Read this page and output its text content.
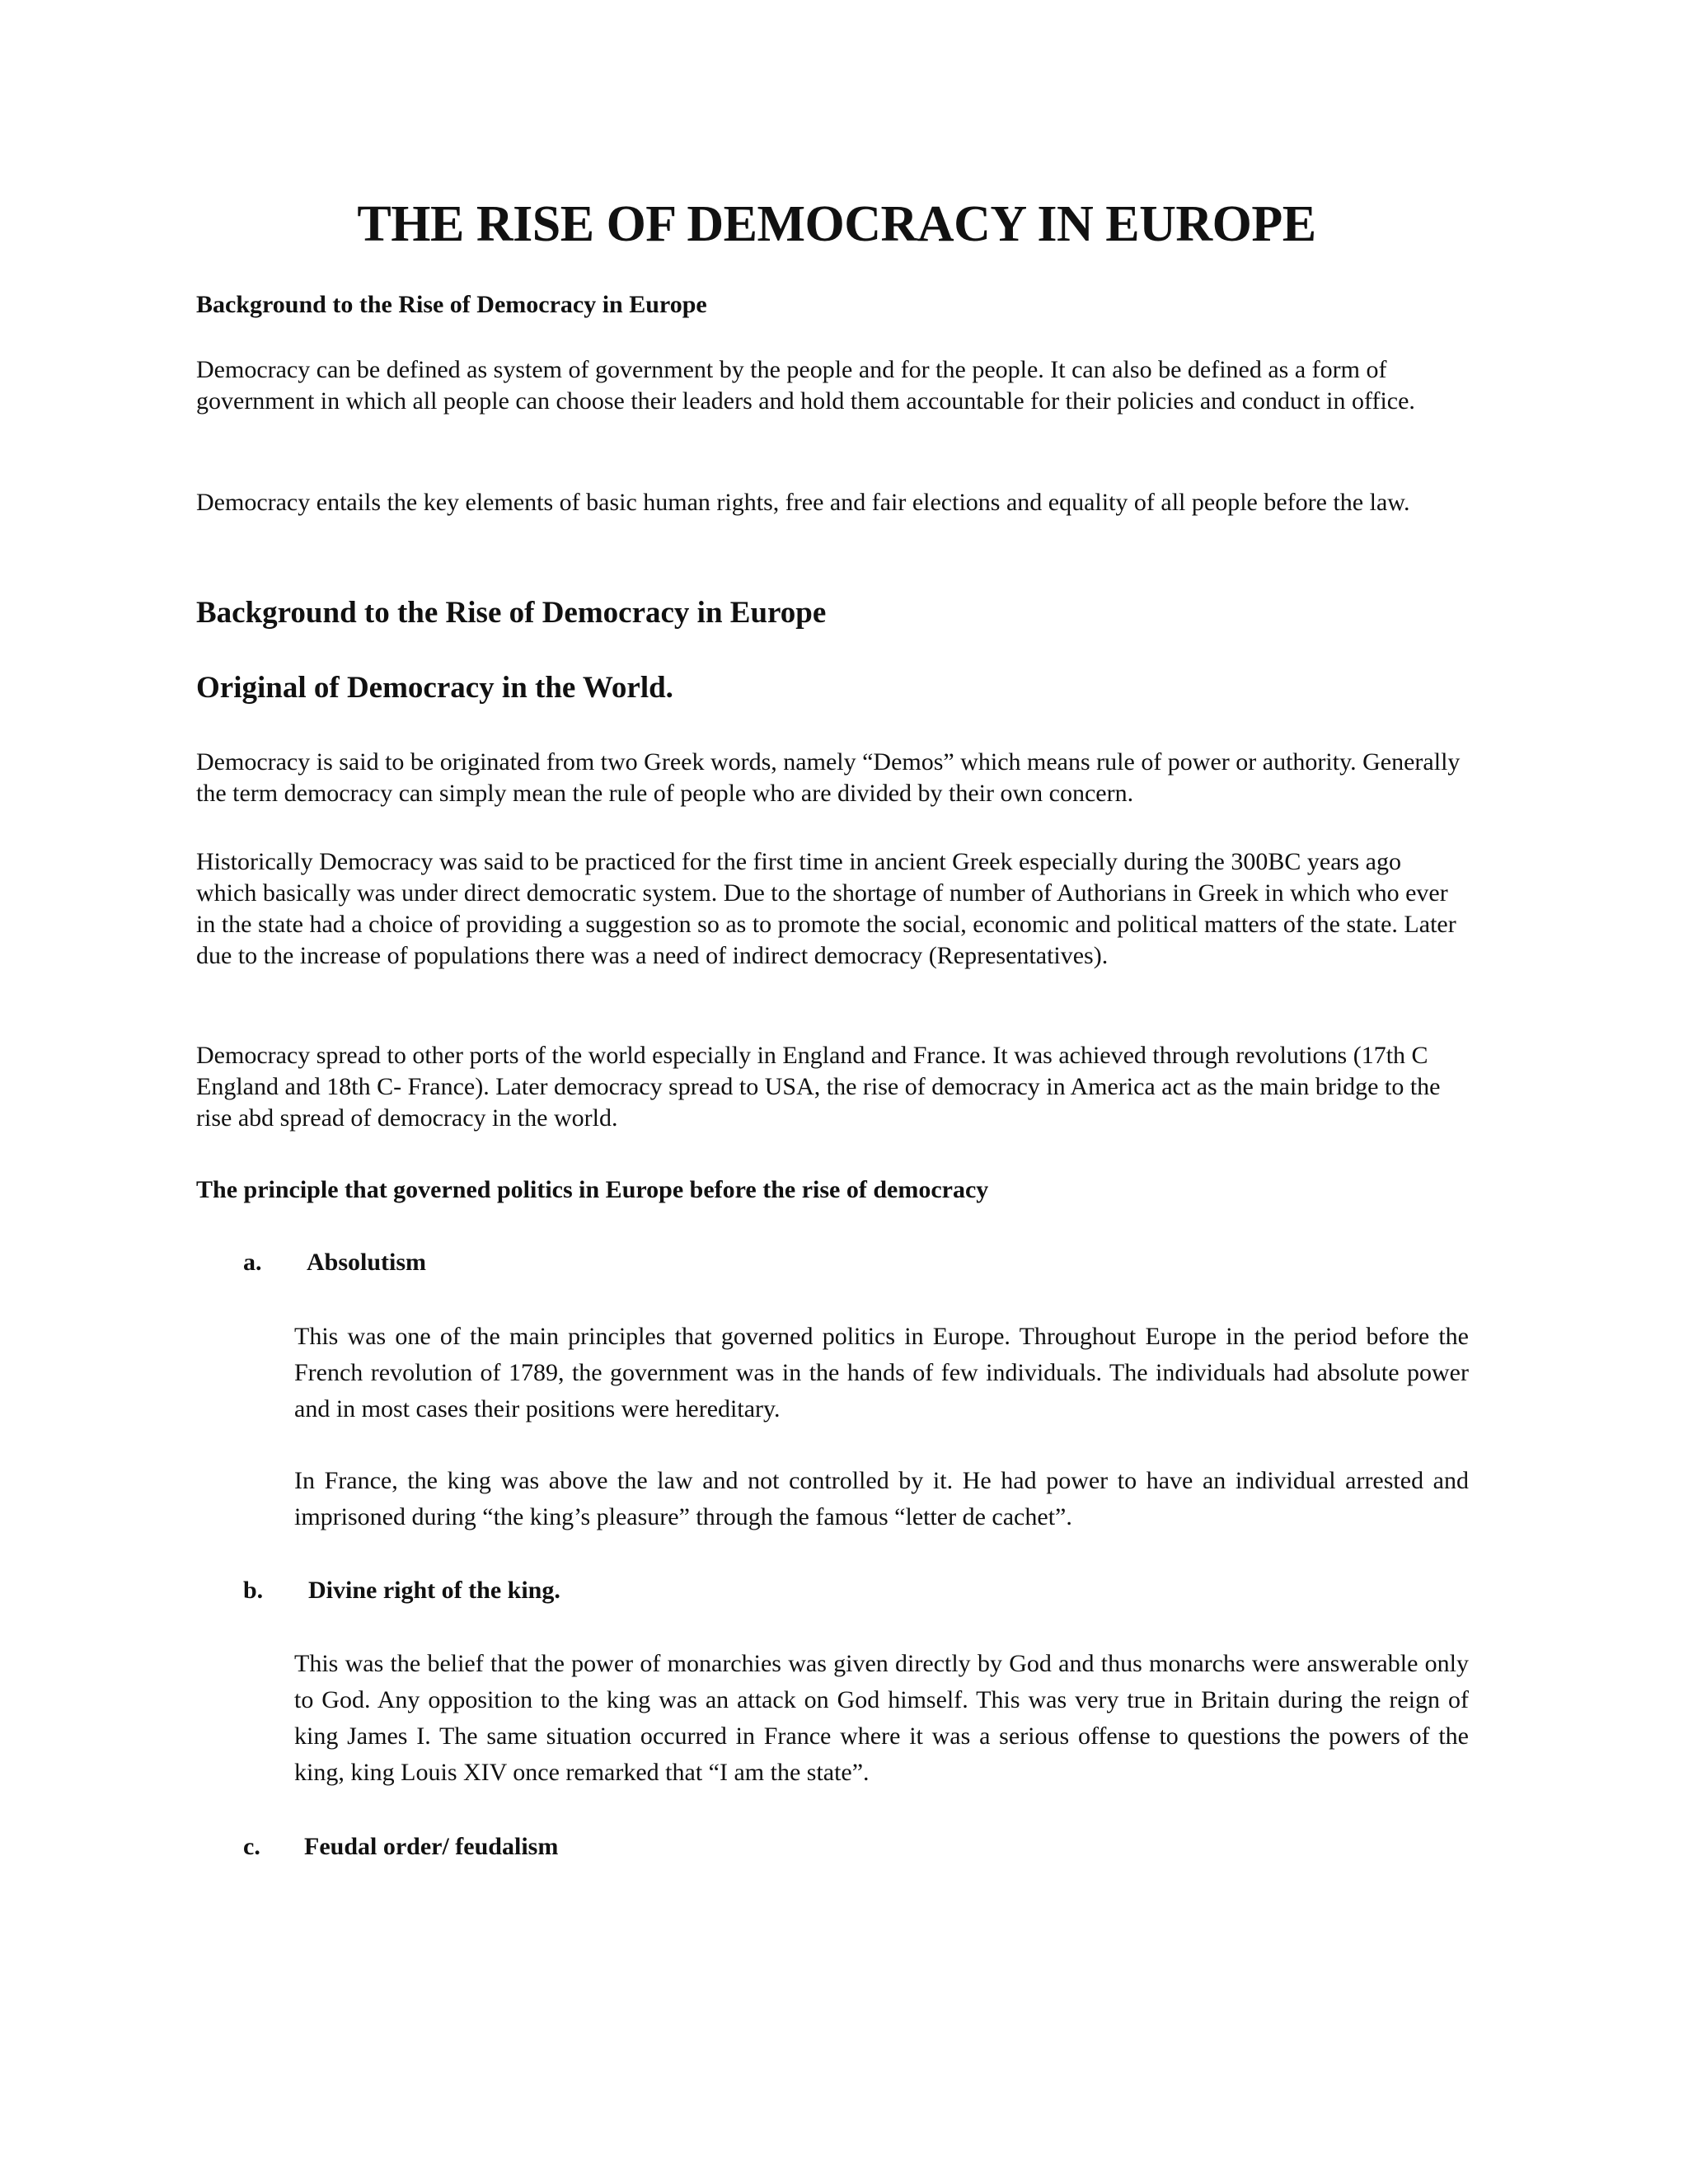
THE RISE OF DEMOCRACY IN EUROPE
Background to the Rise of Democracy in Europe

Democracy can be defined as system of government by the people and for the people. It can also be defined as a form of government in which all people can choose their leaders and hold them accountable for their policies and conduct in office.

Democracy entails the key elements of basic human rights, free and fair elections and equality of all people before the law.

Background to the Rise of Democracy in Europe
Original of Democracy in the World.

Democracy is said to be originated from two Greek words, namely “Demos” which means rule of power or authority. Generally the term democracy can simply mean the rule of people who are divided by their own concern.

Historically Democracy was said to be practiced for the first time in ancient Greek especially during the 300BC years ago which basically was under direct democratic system. Due to the shortage of number of Authorians in Greek in which who ever in the state had a choice of providing a suggestion so as to promote the social, economic and political matters of the state. Later due to the increase of populations there was a need of indirect democracy (Representatives).

Democracy spread to other ports of the world especially in England and France. It was achieved through revolutions (17th C England and 18th C- France). Later democracy spread to USA, the rise of democracy in America act as the main bridge to the rise abd spread of democracy in the world.

The principle that governed politics in Europe before the rise of democracy
a. Absolutism

This was one of the main principles that governed politics in Europe. Throughout Europe in the period before the French revolution of 1789, the government was in the hands of few individuals. The individuals had absolute power and in most cases their positions were hereditary.

In France, the king was above the law and not controlled by it. He had power to have an individual arrested and imprisoned during “the king’s pleasure” through the famous “letter de cachet”.

b. Divine right of the king.

This was the belief that the power of monarchies was given directly by God and thus monarchs were answerable only to God. Any opposition to the king was an attack on God himself. This was very true in Britain during the reign of king James I. The same situation occurred in France where it was a serious offense to questions the powers of the king, king Louis XIV once remarked that “I am the state”.

c. Feudal order/ feudalism
